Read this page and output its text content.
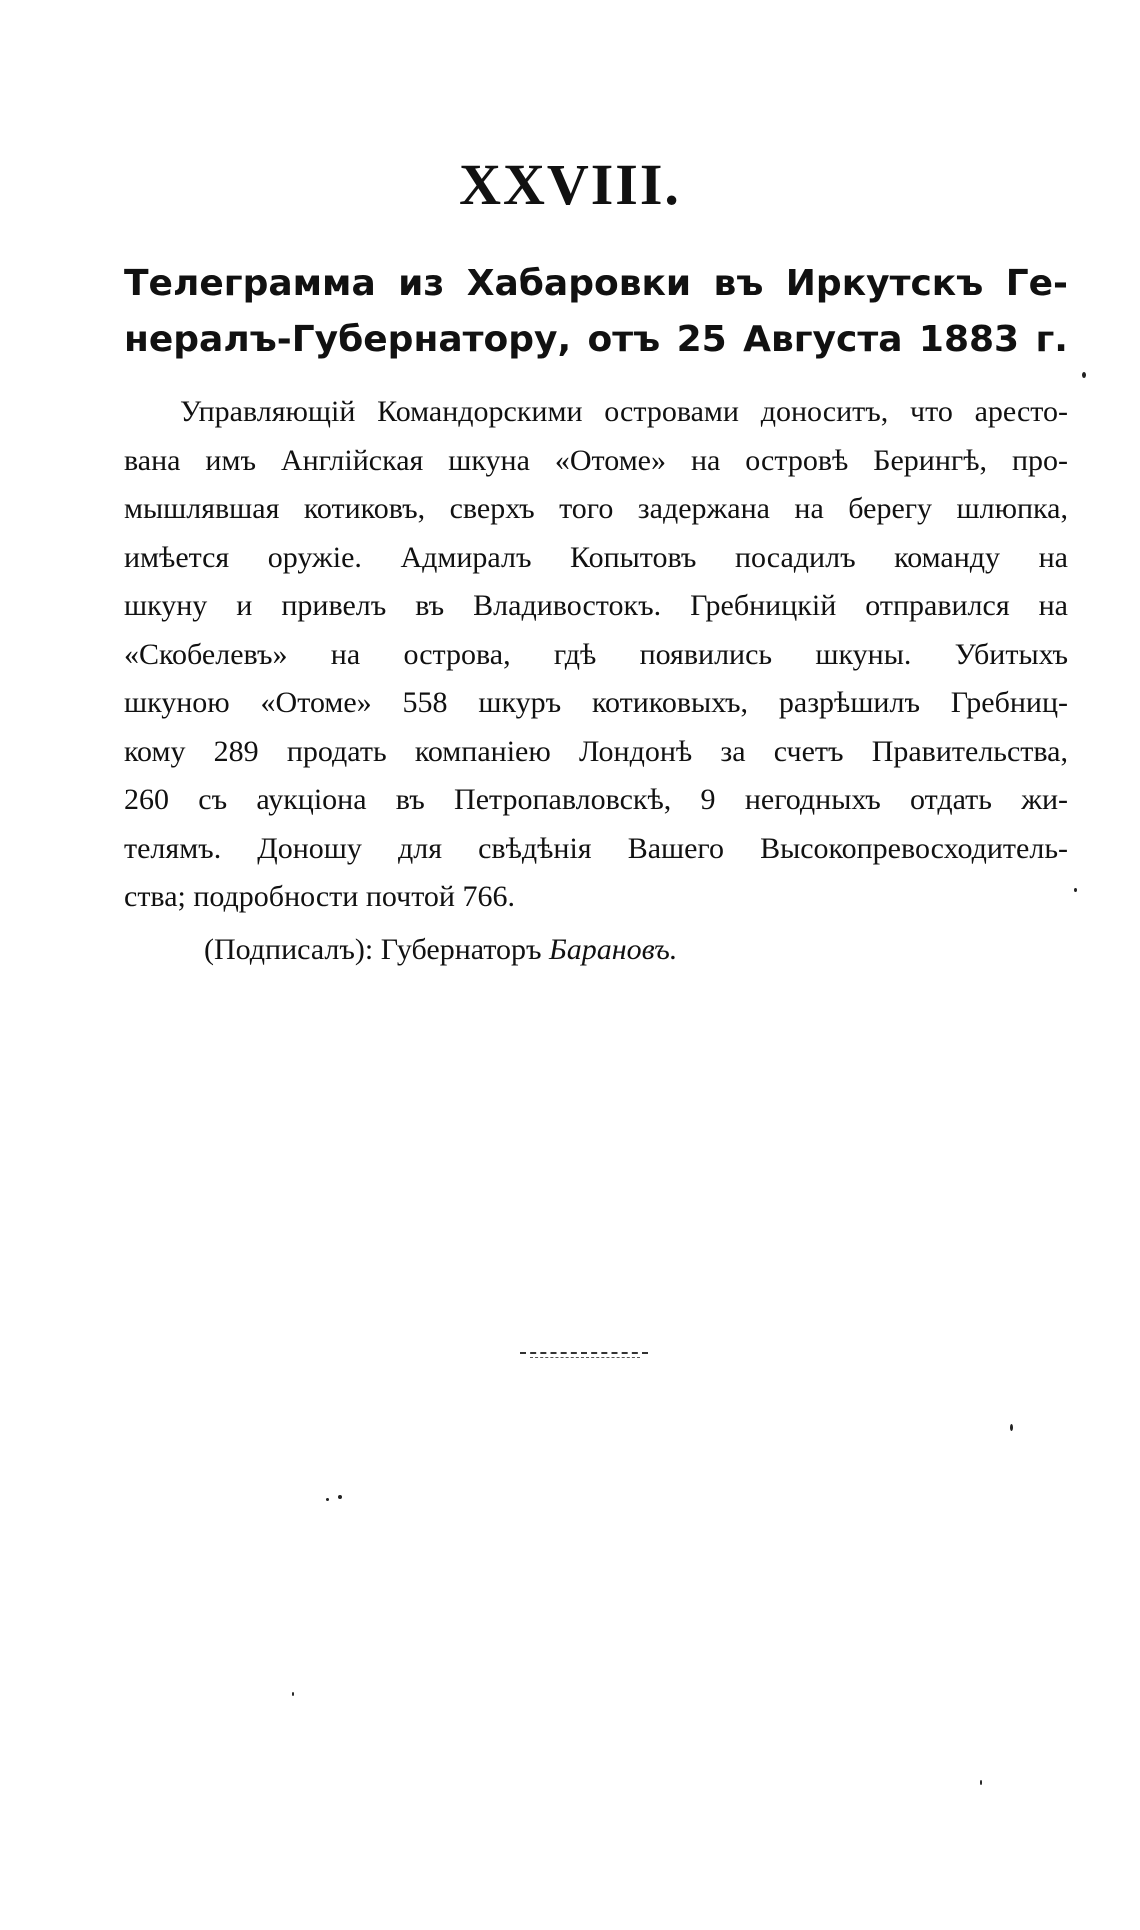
XXVIII.
Телеграмма из Хабаровки въ Иркутскъ Ге-
нералъ-Губернатору, отъ 25 Августа 1883 г.
Управляющій Командорскими островами доноситъ, что аресто-
вана имъ Англійская шкуна «Отоме» на островѣ Берингѣ, про-
мышлявшая котиковъ, сверхъ того задержана на берегу шлюпка,
имѣется оружіе. Адмиралъ Копытовъ посадилъ команду на
шкуну и привелъ въ Владивостокъ. Гребницкій отправился на
«Скобелевъ» на острова, гдѣ появились шкуны. Убитыхъ
шкуною «Отоме» 558 шкуръ котиковыхъ, разрѣшилъ Гребниц-
кому 289 продать компаніею Лондонѣ за счетъ Правительства,
260 съ аукціона въ Петропавловскѣ, 9 негодныхъ отдать жи-
телямъ. Доношу для свѣдѣнія Вашего Высокопревосходитель-
ства; подробности почтой 766.
(Подписалъ): Губернаторъ Барановъ.
